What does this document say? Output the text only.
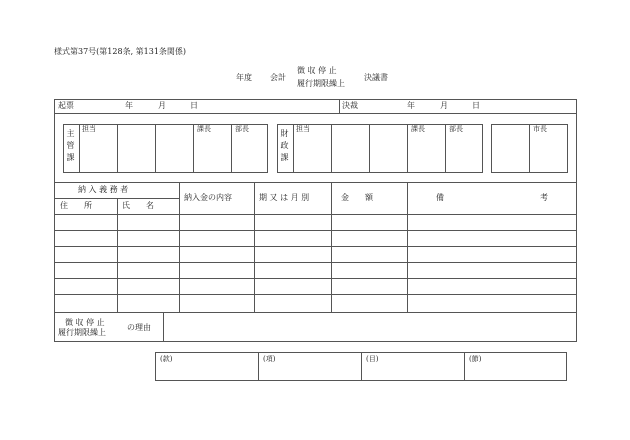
様式第37号(第128条, 第131条関係)
年度 会計
徴 収 停 止
履行期限繰上
決議書
起票	年	月	日	決裁	年	月	日
主管課 担当	課長	部長	財政課 担当	課長	部長	市長
納 入 義 務 者
住　　所	氏　　名
納入金の内容	期 又 は 月 別	金　　額	備	考
徴 収 停 止
履行期限繰上
の理由
(款)	(項)	(目)	(節)
